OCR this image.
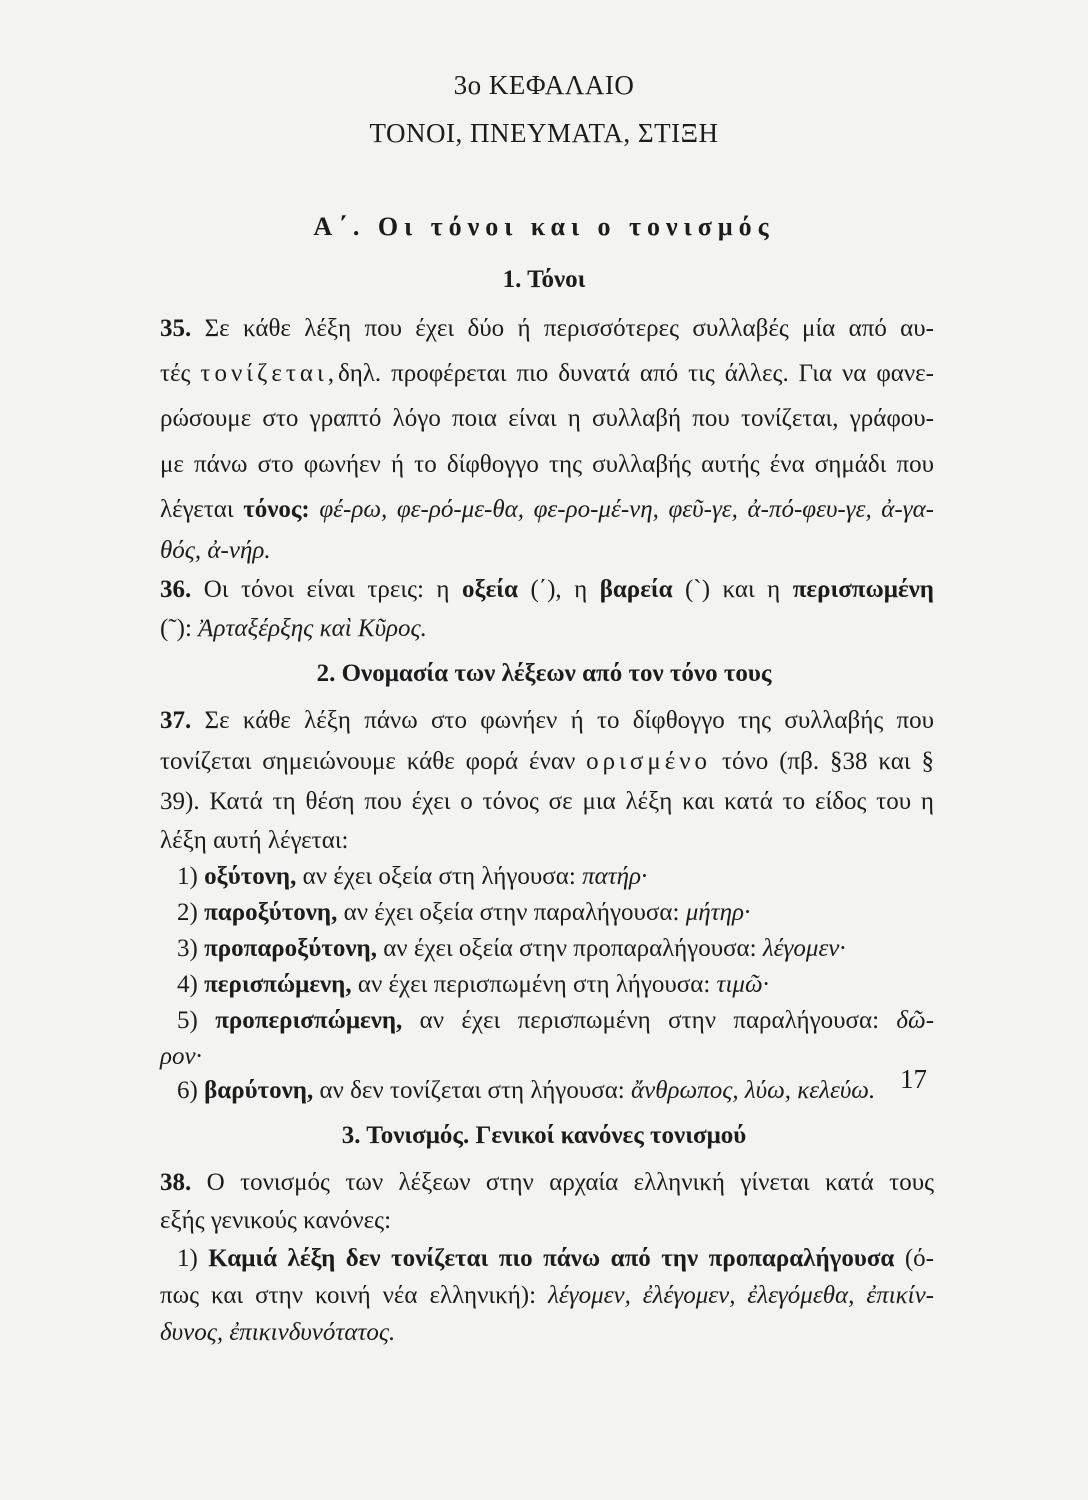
3ο ΚΕΦΑΛΑΙΟ
ΤΟΝΟΙ, ΠΝΕΥΜΑΤΑ, ΣΤΙΞΗ
Α΄. Οι τόνοι και ο τονισμός
1. Τόνοι
35. Σε κάθε λέξη που έχει δύο ή περισσότερες συλλαβές μία από αυ-
τές τονίζεται,δηλ. προφέρεται πιο δυνατά από τις άλλες. Για να φανε-
ρώσουμε στο γραπτό λόγο ποια είναι η συλλαβή που τονίζεται, γράφου-
με πάνω στο φωνήεν ή το δίφθογγο της συλλαβής αυτής ένα σημάδι που
λέγεται τόνος: φέ-ρω, φε-ρό-με-θα, φε-ρο-μέ-νη, φεῦ-γε, ἀ-πό-φευ-γε, ἀ-γα-
θός, ἀ-νήρ.
36. Οι τόνοι είναι τρεις: η οξεία (΄), η βαρεία (`) και η περισπωμένη
(῀): Ἀρταξέρξης καὶ Κῦρος.
2. Ονομασία των λέξεων από τον τόνο τους
37. Σε κάθε λέξη πάνω στο φωνήεν ή το δίφθογγο της συλλαβής που
τονίζεται σημειώνουμε κάθε φορά έναν ορισμένο τόνο (πβ. §38 και §
39). Κατά τη θέση που έχει ο τόνος σε μια λέξη και κατά το είδος του η
λέξη αυτή λέγεται:
1) οξύτονη, αν έχει οξεία στη λήγουσα: πατήρ·
2) παροξύτονη, αν έχει οξεία στην παραλήγουσα: μήτηρ·
3) προπαροξύτονη, αν έχει οξεία στην προπαραλήγουσα: λέγομεν·
4) περισπώμενη, αν έχει περισπωμένη στη λήγουσα: τιμῶ·
5) προπερισπώμενη, αν έχει περισπωμένη στην παραλήγουσα: δῶ-
ρον·
6) βαρύτονη, αν δεν τονίζεται στη λήγουσα: ἄνθρωπος, λύω, κελεύω.
3. Τονισμός. Γενικοί κανόνες τονισμού
38. Ο τονισμός των λέξεων στην αρχαία ελληνική γίνεται κατά τους
εξής γενικούς κανόνες:
1) Καμιά λέξη δεν τονίζεται πιο πάνω από την προπαραλήγουσα (ό-
πως και στην κοινή νέα ελληνική): λέγομεν, ἐλέγομεν, ἐλεγόμεθα, ἐπικίν-
δυνος, ἐπικινδυνότατος.
17
